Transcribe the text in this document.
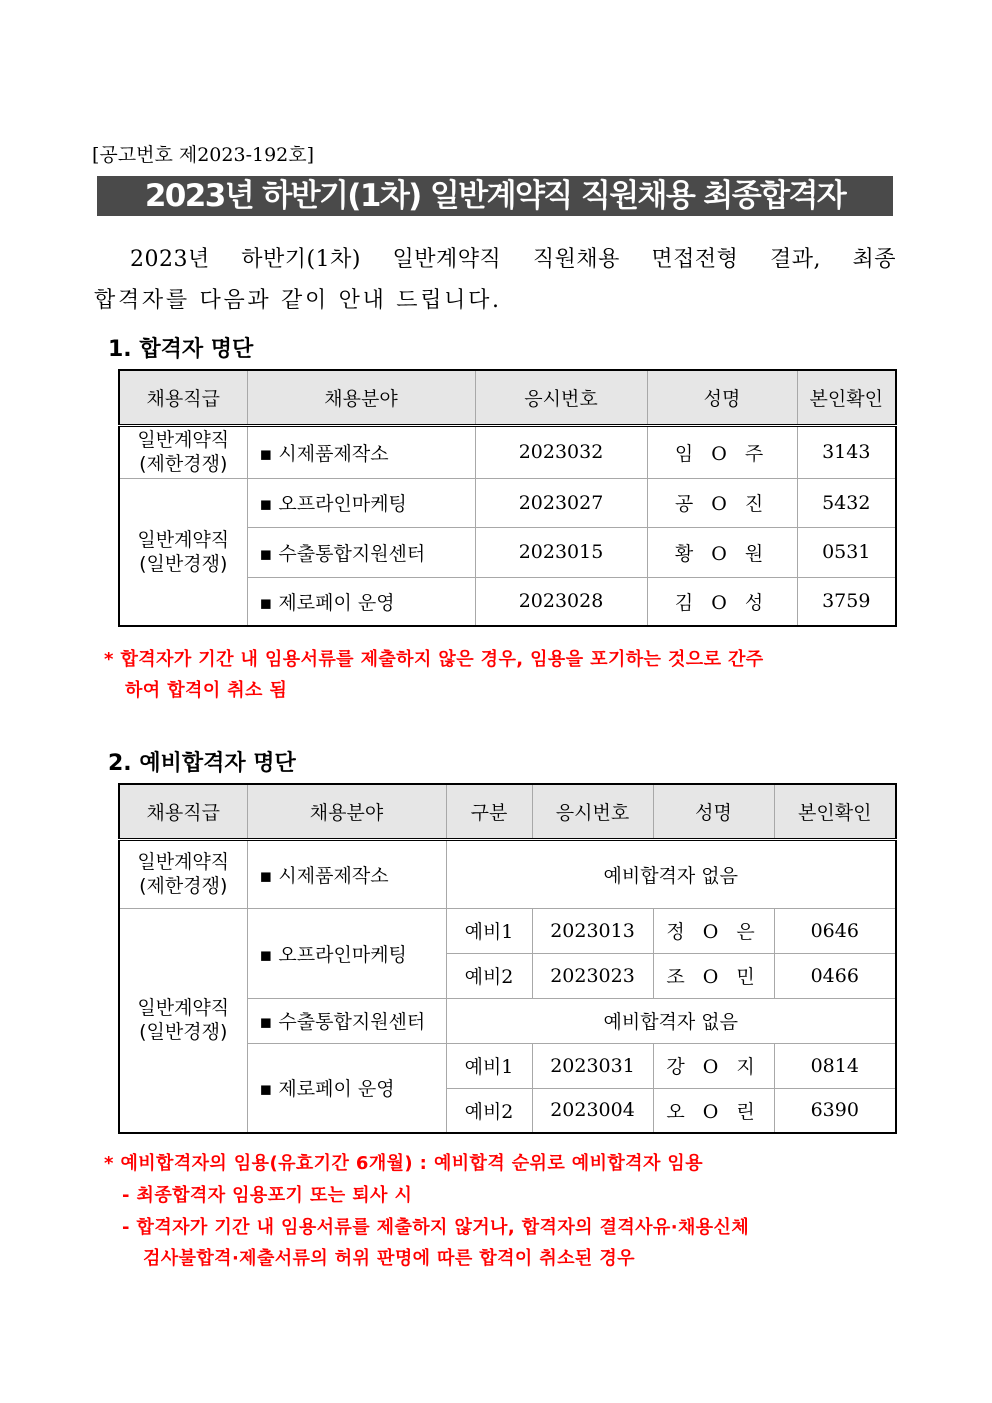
[공고번호 제2023-192호]
2023년 하반기(1차) 일반계약직 직원채용 최종합격자
2023년 하반기(1차) 일반계약직 직원채용 면접전형 결과, 최종
합격자를 다음과 같이 안내 드립니다.
1. 합격자 명단
채용직급	채용분야	응시번호	성명	본인확인
일반계약직
(제한경쟁)	▪ 시제품제작소	2023032	임 O 주	3143
일반계약직
(일반경쟁)	▪ 오프라인마케팅	2023027	공 O 진	5432
	▪ 수출통합지원센터	2023015	황 O 원	0531
	▪ 제로페이 운영	2023028	김 O 성	3759
* 합격자가 기간 내 임용서류를 제출하지 않은 경우, 임용을 포기하는 것으로 간주
하여 합격이 취소 됨
2. 예비합격자 명단
채용직급	채용분야	구분	응시번호	성명	본인확인
일반계약직
(제한경쟁)	▪ 시제품제작소	예비합격자 없음			
일반계약직
(일반경쟁)	▪ 오프라인마케팅	예비1	2023013	정 O 은	0646
		예비2	2023023	조 O 민	0466
	▪ 수출통합지원센터	예비합격자 없음			
	▪ 제로페이 운영	예비1	2023031	강 O 지	0814
		예비2	2023004	오 O 린	6390
* 예비합격자의 임용(유효기간 6개월) : 예비합격 순위로 예비합격자 임용
- 최종합격자 임용포기 또는 퇴사 시
- 합격자가 기간 내 임용서류를 제출하지 않거나, 합격자의 결격사유·채용신체
검사불합격·제출서류의 허위 판명에 따른 합격이 취소된 경우
